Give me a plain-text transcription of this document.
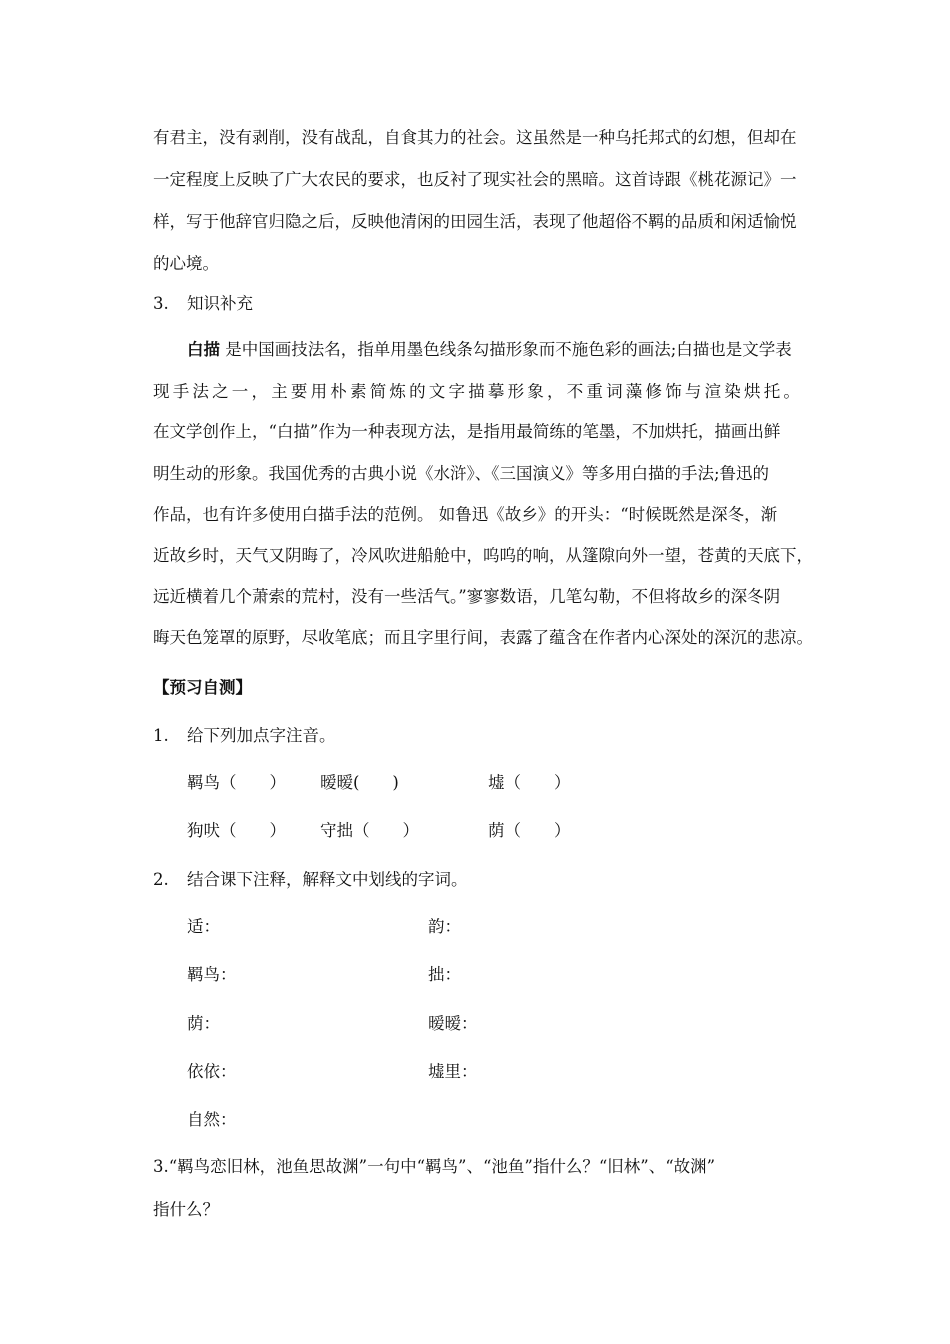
有君主，没有剥削，没有战乱，自食其力的社会。这虽然是一种乌托邦式的幻想，但却在
一定程度上反映了广大农民的要求，也反衬了现实社会的黑暗。这首诗跟《桃花源记》一
样，写于他辞官归隐之后，反映他清闲的田园生活，表现了他超俗不羁的品质和闲适愉悦
的心境。
3. 知识补充
白描 是中国画技法名，指单用墨色线条勾描形象而不施色彩的画法;白描也是文学表
现手法之一，主要用朴素简炼的文字描摹形象，不重词藻修饰与渲染烘托。
在文学创作上，“白描”作为一种表现方法，是指用最简练的笔墨，不加烘托，描画出鲜
明生动的形象。我国优秀的古典小说《水浒》、《三国演义》等多用白描的手法;鲁迅的
作品，也有许多使用白描手法的范例。 如鲁迅《故乡》的开头：“时候既然是深冬，渐
近故乡时，天气又阴晦了，冷风吹进船舱中，呜呜的响，从篷隙向外一望，苍黄的天底下，
远近横着几个萧索的荒村，没有一些活气。”寥寥数语，几笔勾勒，不但将故乡的深冬阴
晦天色笼罩的原野，尽收笔底；而且字里行间，表露了蕴含在作者内心深处的深沉的悲凉。
【预习自测】
1. 给下列加点字注音。
羁鸟（　　） 暧暧(　　)	墟（　　）
狗吠（　　） 守拙（　　）	荫（　　）
2. 结合课下注释，解释文中划线的字词。
适：	韵：
羁鸟：	拙：
荫：	暧暧：
依依：	墟里：
自然：
3.“羁鸟恋旧林，池鱼思故渊”一句中“羁鸟”、“池鱼”指什么？“旧林”、“故渊”
指什么？
